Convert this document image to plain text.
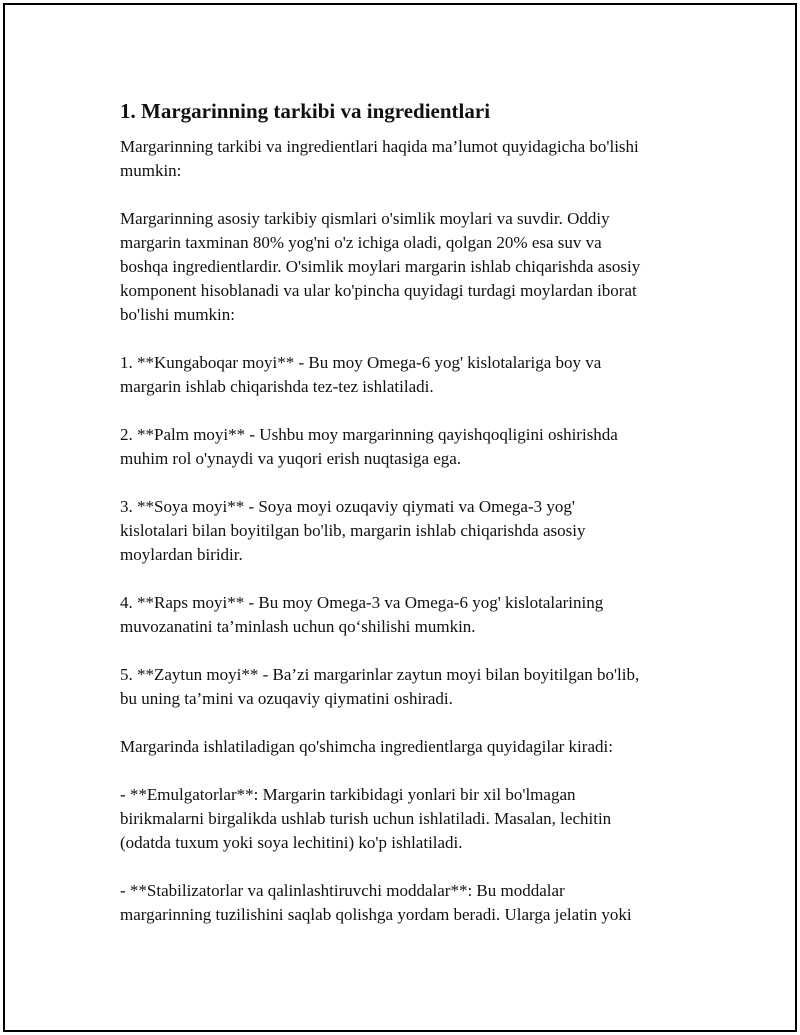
1. Margarinning tarkibi va ingredientlari

Margarinning tarkibi va ingredientlari haqida ma’lumot quyidagicha bo'lishi
mumkin:

Margarinning asosiy tarkibiy qismlari o'simlik moylari va suvdir. Oddiy
margarin taxminan 80% yog'ni o'z ichiga oladi, qolgan 20% esa suv va
boshqa ingredientlardir. O'simlik moylari margarin ishlab chiqarishda asosiy
komponent hisoblanadi va ular ko'pincha quyidagi turdagi moylardan iborat
bo'lishi mumkin:

1. **Kungaboqar moyi** - Bu moy Omega-6 yog' kislotalariga boy va
margarin ishlab chiqarishda tez-tez ishlatiladi.

2. **Palm moyi** - Ushbu moy margarinning qayishqoqligini oshirishda
muhim rol o'ynaydi va yuqori erish nuqtasiga ega.

3. **Soya moyi** - Soya moyi ozuqaviy qiymati va Omega-3 yog'
kislotalari bilan boyitilgan bo'lib, margarin ishlab chiqarishda asosiy
moylardan biridir.

4. **Raps moyi** - Bu moy Omega-3 va Omega-6 yog' kislotalarining
muvozanatini ta’minlash uchun qo‘shilishi mumkin.

5. **Zaytun moyi** - Ba’zi margarinlar zaytun moyi bilan boyitilgan bo'lib,
bu uning ta’mini va ozuqaviy qiymatini oshiradi.

Margarinda ishlatiladigan qo'shimcha ingredientlarga quyidagilar kiradi:

- **Emulgatorlar**: Margarin tarkibidagi yonlari bir xil bo'lmagan
birikmalarni birgalikda ushlab turish uchun ishlatiladi. Masalan, lechitin
(odatda tuxum yoki soya lechitini) ko'p ishlatiladi.

- **Stabilizatorlar va qalinlashtiruvchi moddalar**: Bu moddalar
margarinning tuzilishini saqlab qolishga yordam beradi. Ularga jelatin yoki
